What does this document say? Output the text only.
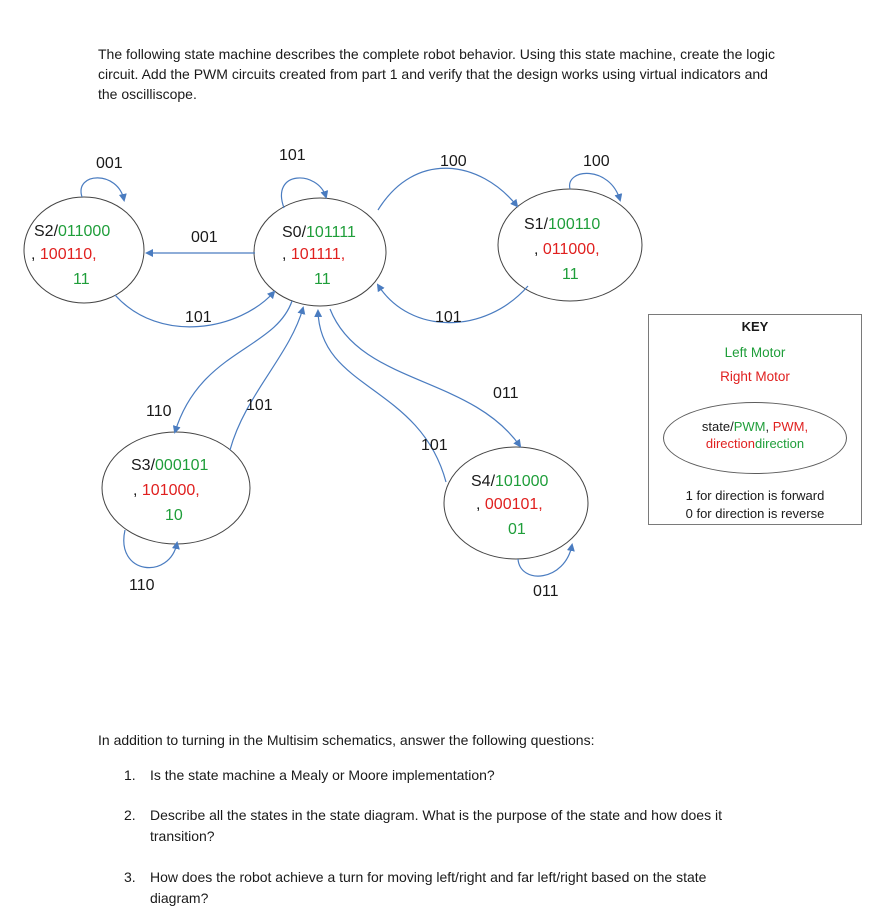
The following state machine describes the complete robot behavior. Using this state machine, create the logic circuit. Add the PWM circuits created from part 1 and verify that the design works using virtual indicators and the oscilliscope.

001	101	100	100
001
101	101
011
110	101
101
110	011
S2/011000
, 100110,
11
S0/101111
, 101111,
11
S1/100110
, 011000,
11
S3/000101
, 101000,
10
S4/101000
, 000101,
01
KEY
Left Motor
Right Motor
state/PWM, PWM,
directiondirection
1 for direction is forward
0 for direction is reverse

In addition to turning in the Multisim schematics, answer the following questions:

1. Is the state machine a Mealy or Moore implementation?
2. Describe all the states in the state diagram. What is the purpose of the state and how does it transition?
3. How does the robot achieve a turn for moving left/right and far left/right based on the state diagram?
